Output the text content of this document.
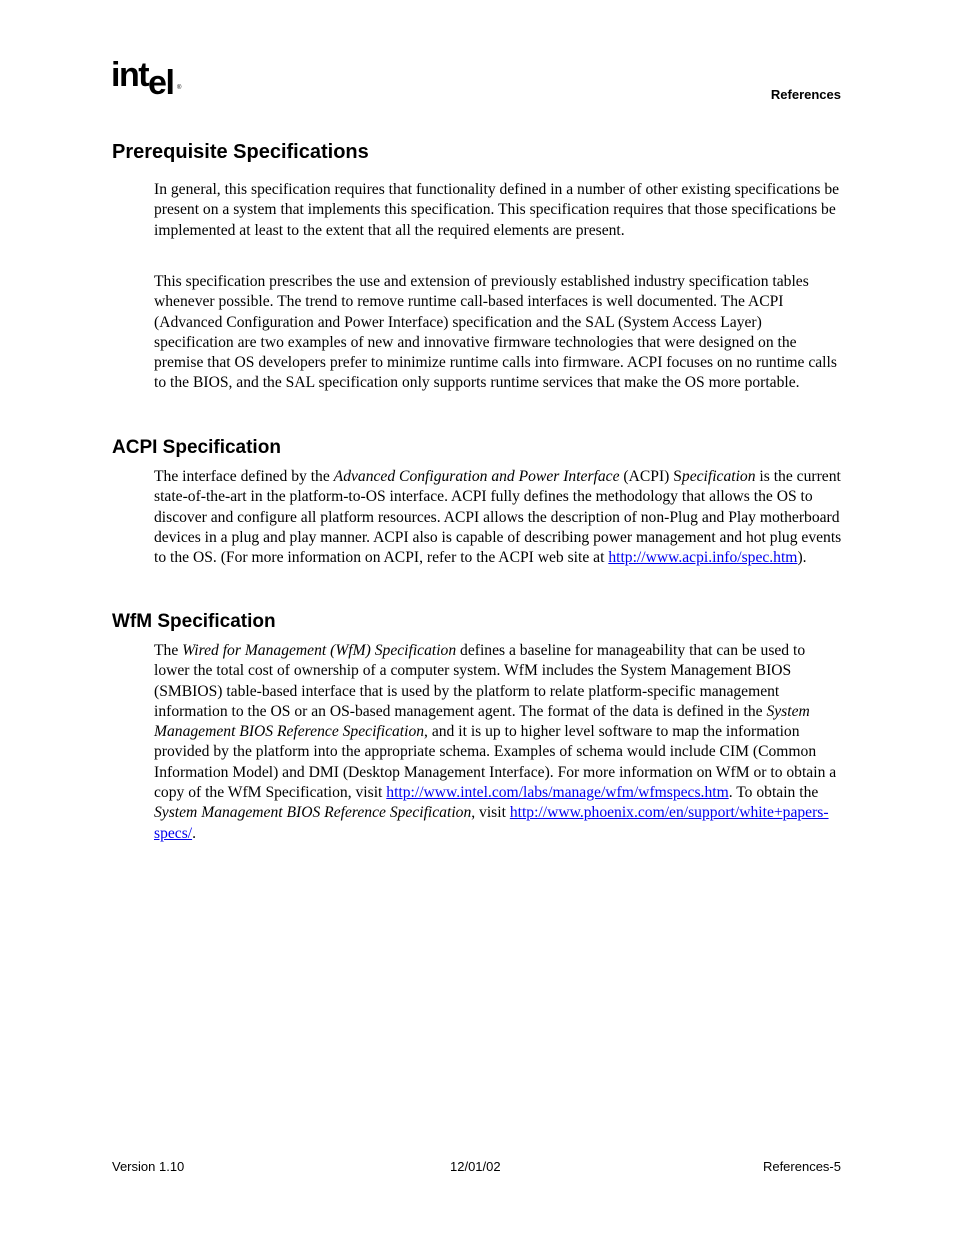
intel ®	References
Prerequisite Specifications

In general, this specification requires that functionality defined in a number of other existing specifications be present on a system that implements this specification. This specification requires that those specifications be implemented at least to the extent that all the required elements are present.

This specification prescribes the use and extension of previously established industry specification tables whenever possible. The trend to remove runtime call-based interfaces is well documented. The ACPI (Advanced Configuration and Power Interface) specification and the SAL (System Access Layer) specification are two examples of new and innovative firmware technologies that were designed on the premise that OS developers prefer to minimize runtime calls into firmware. ACPI focuses on no runtime calls to the BIOS, and the SAL specification only supports runtime services that make the OS more portable.

ACPI Specification

The interface defined by the Advanced Configuration and Power Interface (ACPI) Specification is the current state-of-the-art in the platform-to-OS interface. ACPI fully defines the methodology that allows the OS to discover and configure all platform resources. ACPI allows the description of non-Plug and Play motherboard devices in a plug and play manner. ACPI also is capable of describing power management and hot plug events to the OS. (For more information on ACPI, refer to the ACPI web site at http://www.acpi.info/spec.htm).

WfM Specification

The Wired for Management (WfM) Specification defines a baseline for manageability that can be used to lower the total cost of ownership of a computer system. WfM includes the System Management BIOS (SMBIOS) table-based interface that is used by the platform to relate platform-specific management information to the OS or an OS-based management agent. The format of the data is defined in the System Management BIOS Reference Specification, and it is up to higher level software to map the information provided by the platform into the appropriate schema. Examples of schema would include CIM (Common Information Model) and DMI (Desktop Management Interface). For more information on WfM or to obtain a copy of the WfM Specification, visit http://www.intel.com/labs/manage/wfm/wfmspecs.htm. To obtain the System Management BIOS Reference Specification, visit http://www.phoenix.com/en/support/white+papers-specs/.

Version 1.10	12/01/02	References-5
